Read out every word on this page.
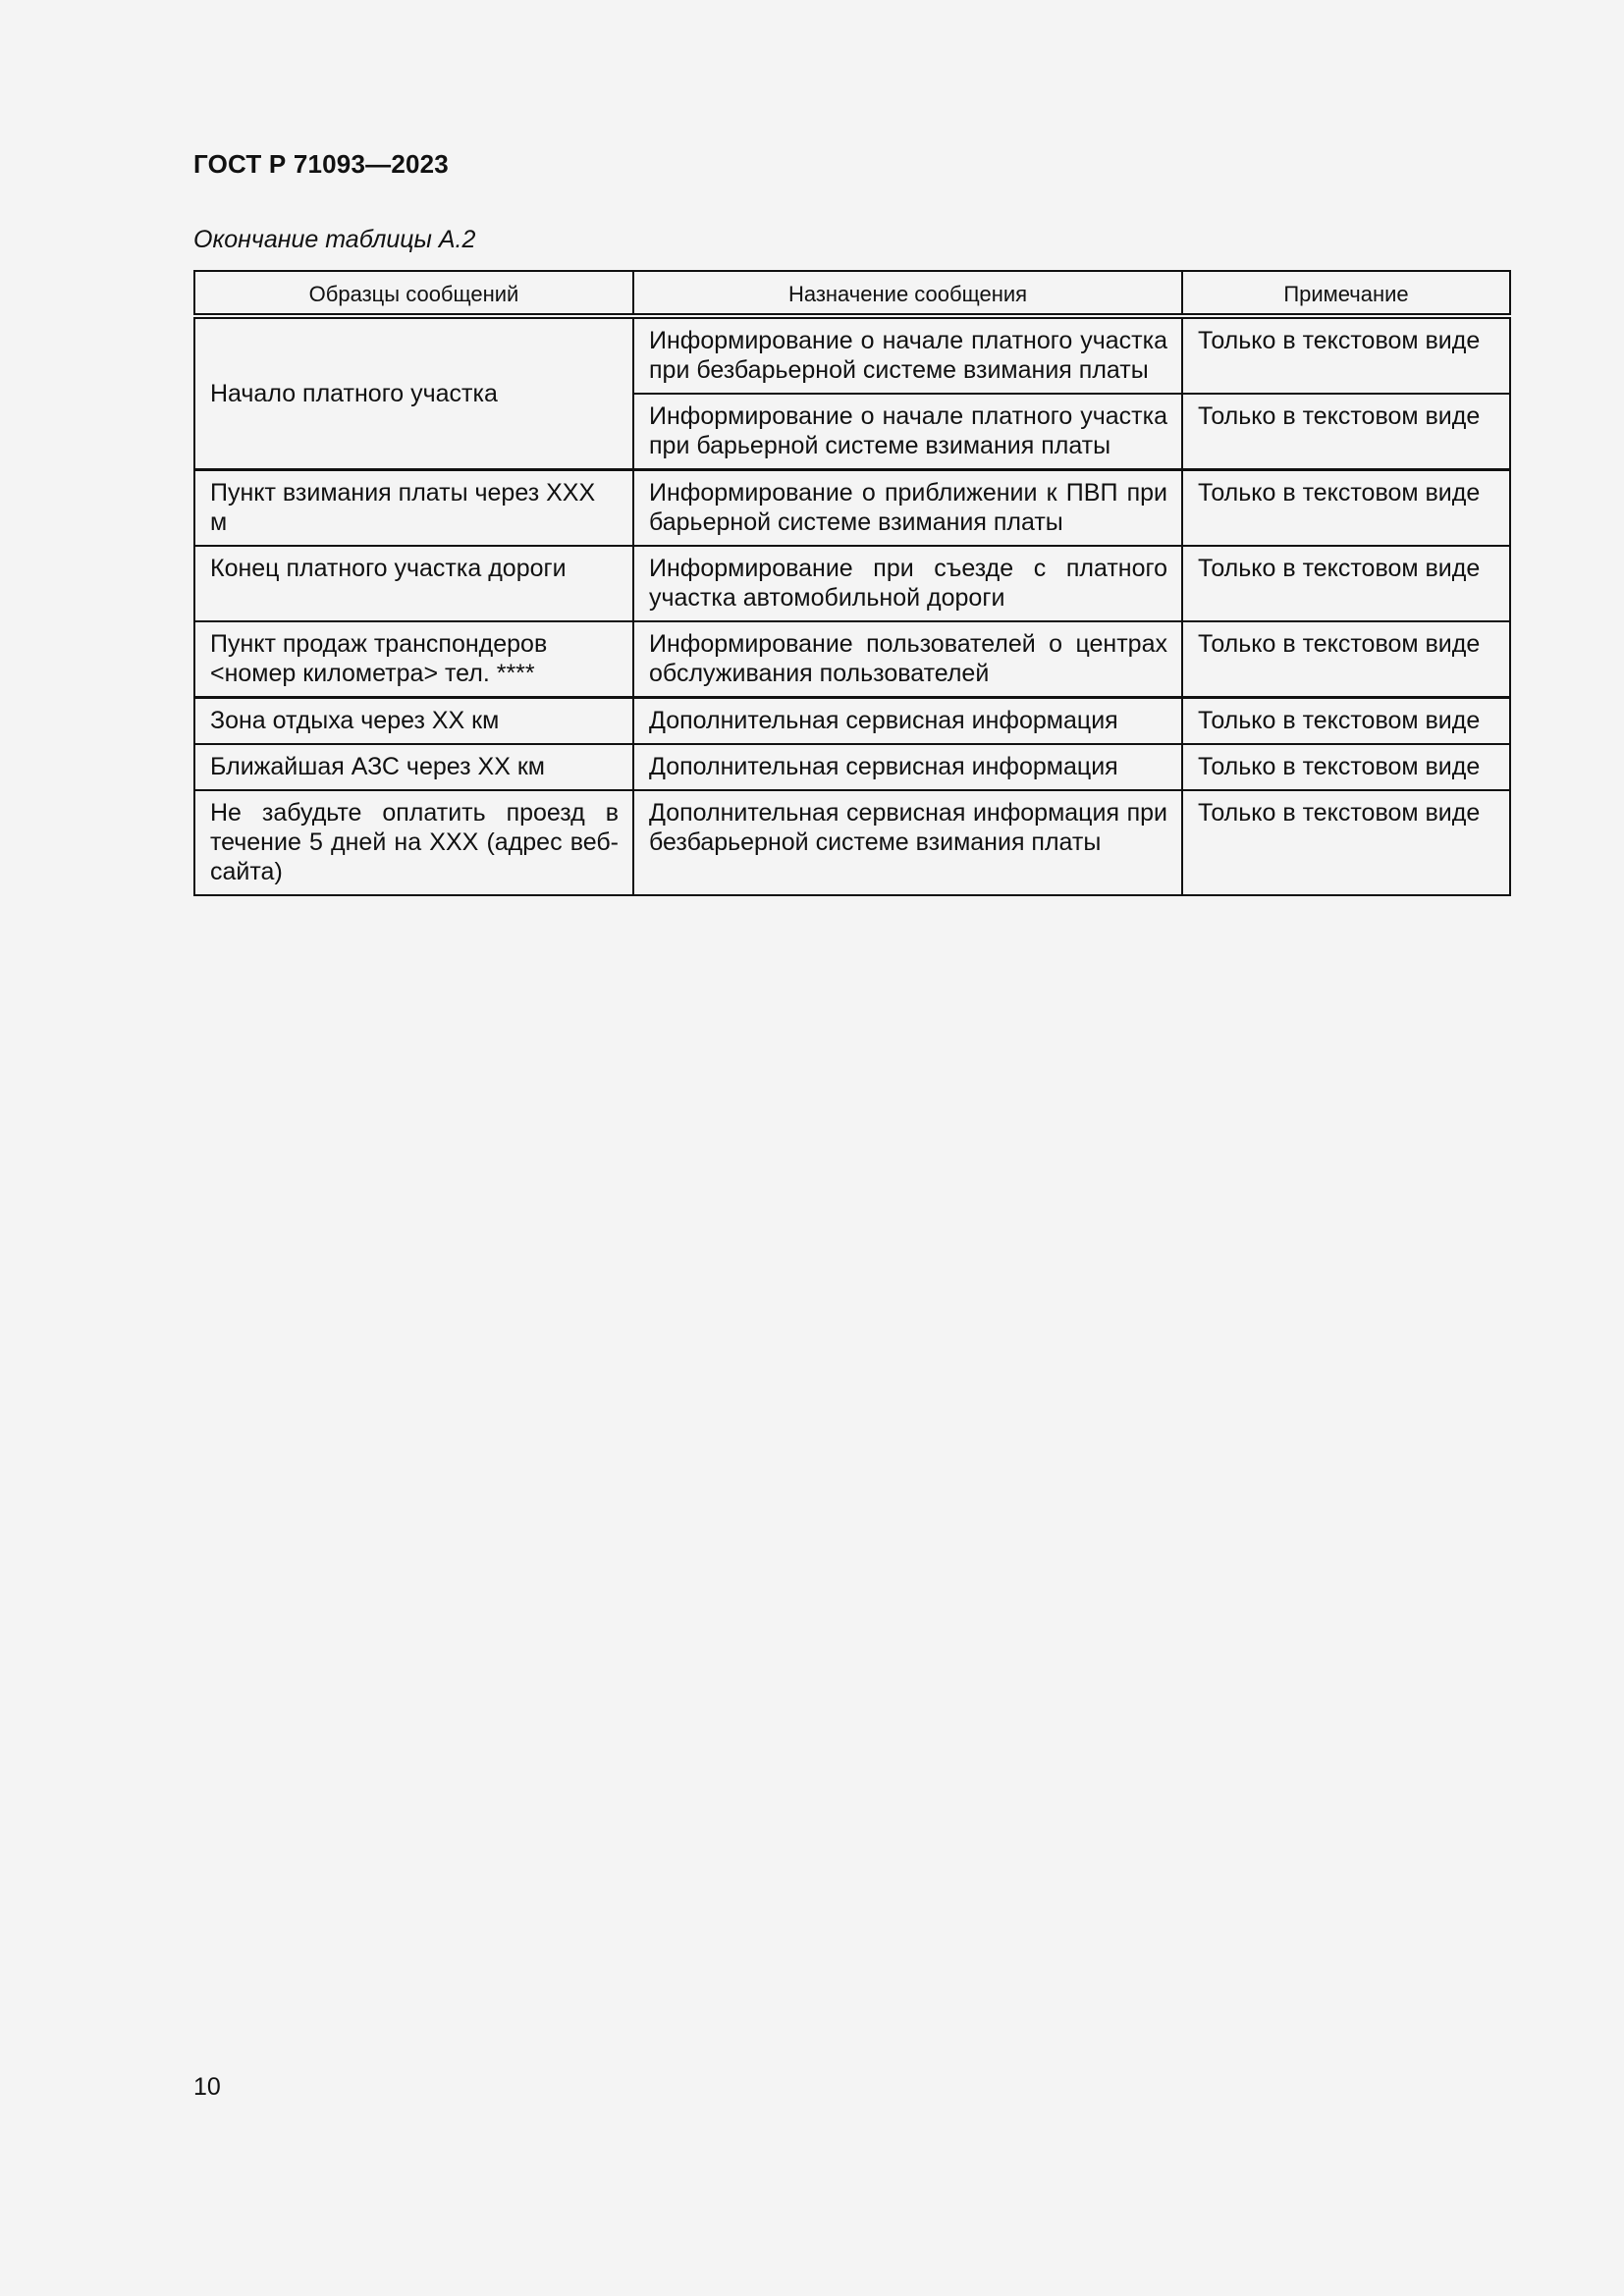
ГОСТ Р 71093—2023

Окончание таблицы А.2

Образцы сообщений	Назначение сообщения	Примечание
Начало платного участка	Информирование о начале платного участка при безбарьерной системе взимания платы	Только в текстовом виде
	Информирование о начале платного участка при барьерной системе взимания платы	Только в текстовом виде
Пункт взимания платы через XXX м	Информирование о приближении к ПВП при барьерной системе взимания платы	Только в текстовом виде
Конец платного участка дороги	Информирование при съезде с платного участка автомобильной дороги	Только в текстовом виде
Пункт продаж транспондеров <номер километра> тел. ****	Информирование пользователей о центрах обслуживания пользователей	Только в текстовом виде
Зона отдыха через XX км	Дополнительная сервисная информация	Только в текстовом виде
Ближайшая АЗС через XX км	Дополнительная сервисная информация	Только в текстовом виде
Не забудьте оплатить проезд в течение 5 дней на XXX (адрес веб-сайта)	Дополнительная сервисная информация при безбарьерной системе взимания платы	Только в текстовом виде

10
